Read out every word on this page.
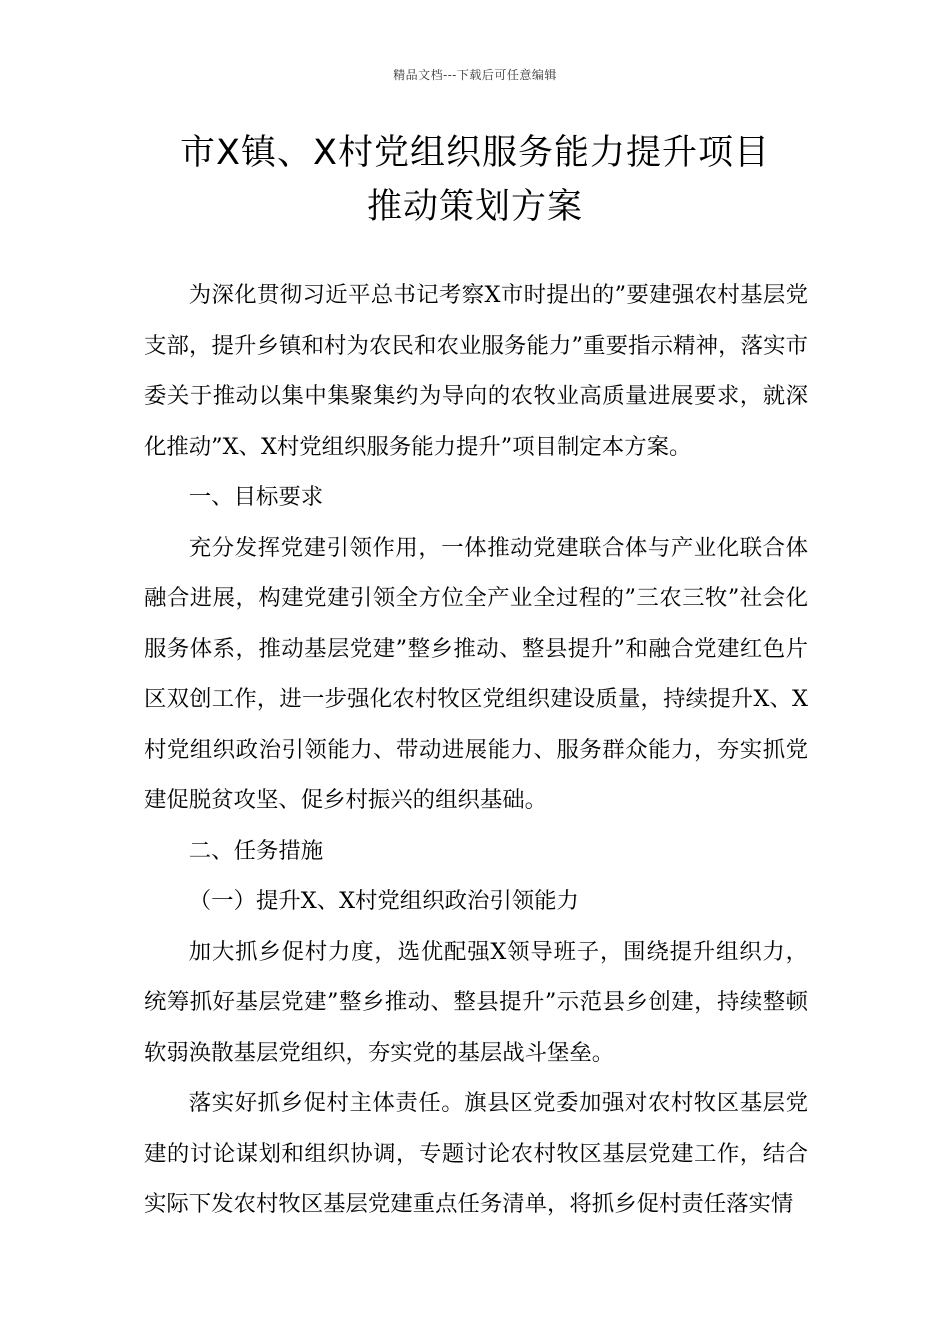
精品文档---下载后可任意编辑
市X镇、X村党组织服务能力提升项目
推动策划方案

为深化贯彻习近平总书记考察X市时提出的”要建强农村基层党支部，提升乡镇和村为农民和农业服务能力”重要指示精神，落实市委关于推动以集中集聚集约为导向的农牧业高质量进展要求，就深化推动”X、X村党组织服务能力提升”项目制定本方案。

一、目标要求

充分发挥党建引领作用，一体推动党建联合体与产业化联合体融合进展，构建党建引领全方位全产业全过程的”三农三牧”社会化服务体系，推动基层党建”整乡推动、整县提升”和融合党建红色片区双创工作，进一步强化农村牧区党组织建设质量，持续提升X、X村党组织政治引领能力、带动进展能力、服务群众能力，夯实抓党建促脱贫攻坚、促乡村振兴的组织基础。

二、任务措施

（一）提升X、X村党组织政治引领能力

加大抓乡促村力度，选优配强X领导班子，围绕提升组织力，统筹抓好基层党建”整乡推动、整县提升”示范县乡创建，持续整顿软弱涣散基层党组织，夯实党的基层战斗堡垒。

落实好抓乡促村主体责任。旗县区党委加强对农村牧区基层党建的讨论谋划和组织协调，专题讨论农村牧区基层党建工作，结合实际下发农村牧区基层党建重点任务清单，将抓乡促村责任落实情
